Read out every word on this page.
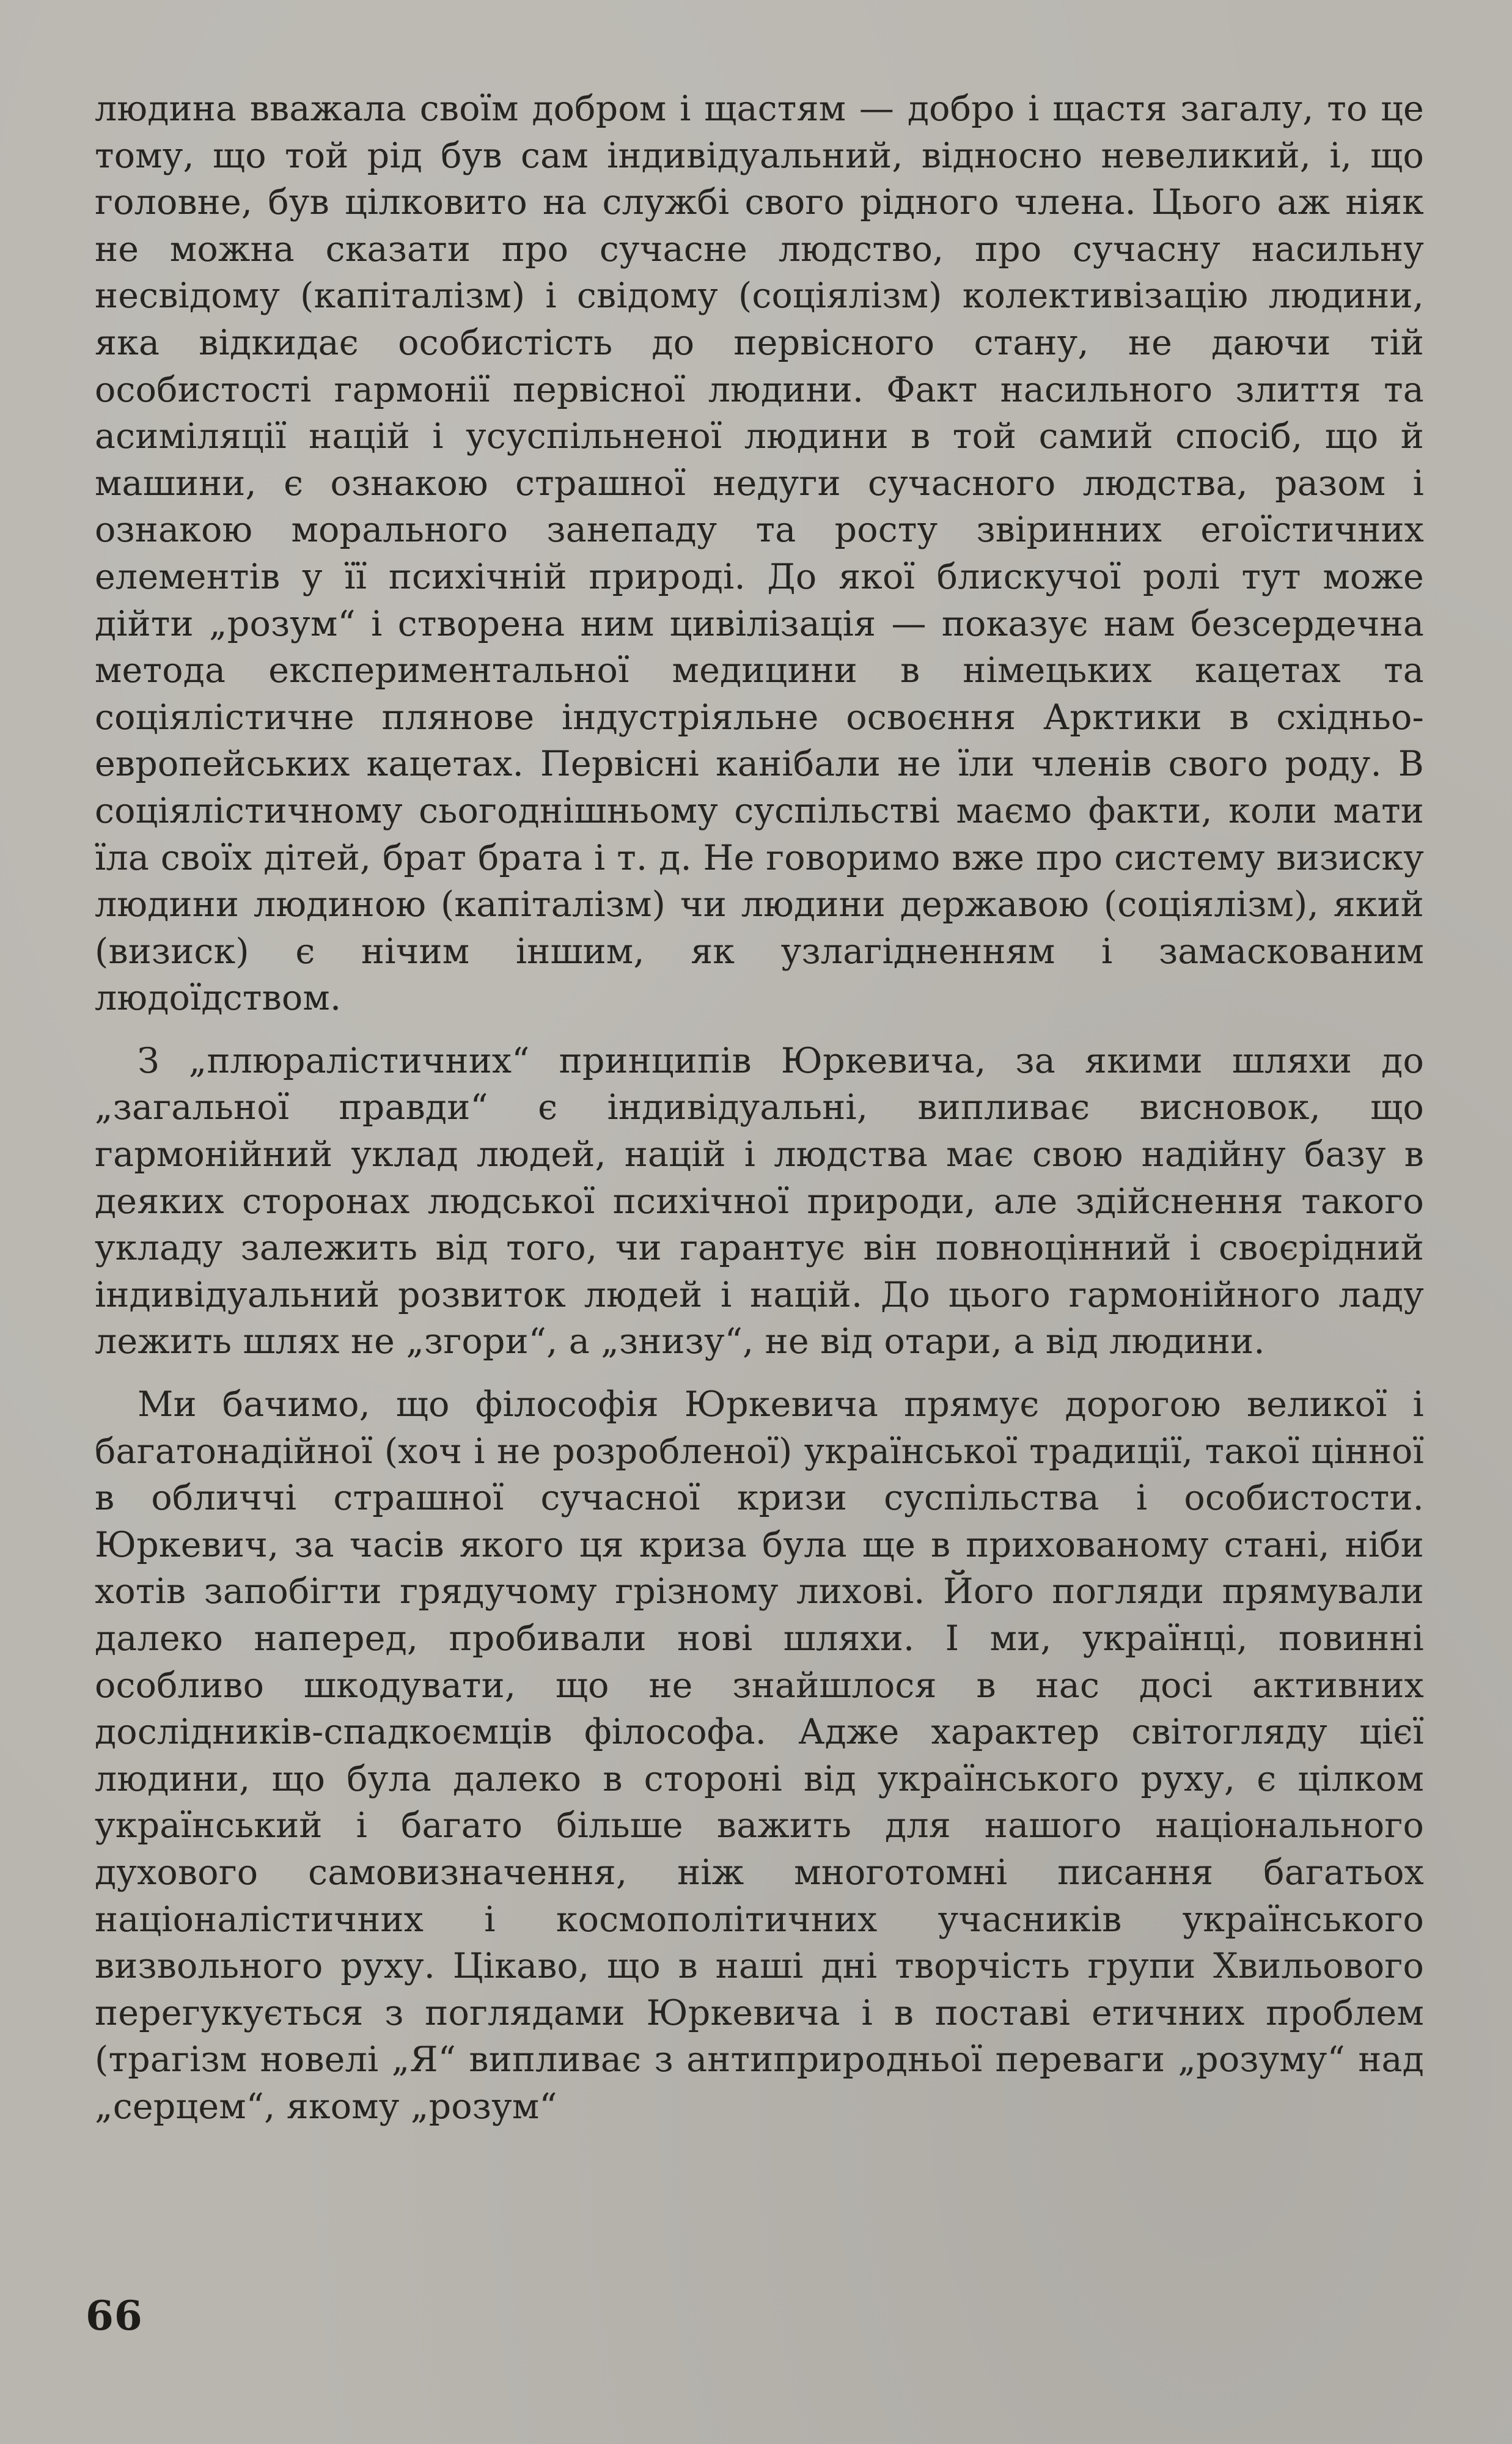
людина вважала своїм добром і щастям — добро і щастя загалу, то це тому, що той рід був сам індивідуальний, відносно невеликий, і, що головне, був цілковито на службі свого рідного члена. Цього аж ніяк не можна сказати про сучасне людство, про сучасну насильну несвідому (капіталізм) і свідому (соціялізм) колективізацію людини, яка відкидає особистість до первісного стану, не даючи тій особистості гармонії первісної людини. Факт насильного злиття та асиміляції націй і усуспільненої людини в той самий спосіб, що й машини, є ознакою страшної недуги сучасного людства, разом і ознакою морального занепаду та росту звіринних егоїстичних елементів у її психічній природі. До якої блискучої ролі тут може дійти „розум“ і створена ним цивілізація — показує нам безсердечна метода експериментальної медицини в німецьких кацетах та соціялістичне плянове індустріяльне освоєння Арктики в східньо-европейських кацетах. Первісні канібали не їли членів свого роду. В соціялістичному сьогоднішньому суспільстві маємо факти, коли мати їла своїх дітей, брат брата і т. д. Не говоримо вже про систему визиску людини людиною (капіталізм) чи людини державою (соціялізм), який (визиск) є нічим іншим, як узлагідненням і замаскованим людоїдством.

З „плюралістичних“ принципів Юркевича, за якими шляхи до „загальної правди“ є індивідуальні, випливає висновок, що гармонійний уклад людей, націй і людства має свою надійну базу в деяких сторонах людської психічної природи, але здійснення такого укладу залежить від того, чи гарантує він повноцінний і своєрідний індивідуальний розвиток людей і націй. До цього гармонійного ладу лежить шлях не „згори“, а „знизу“, не від отари, а від людини.

Ми бачимо, що філософія Юркевича прямує дорогою великої і багатонадійної (хоч і не розробленої) української традиції, такої цінної в обличчі страшної сучасної кризи суспільства і особистости. Юркевич, за часів якого ця криза була ще в прихованому стані, ніби хотів запобігти грядучому грізному лихові. Його погляди прямували далеко наперед, пробивали нові шляхи. І ми, українці, повинні особливо шкодувати, що не знайшлося в нас досі активних дослідників-спадкоємців філософа. Адже характер світогляду цієї людини, що була далеко в стороні від українського руху, є цілком український і багато більше важить для нашого національного духового самовизначення, ніж многотомні писання багатьох націоналістичних і космополітичних учасників українського визвольного руху. Цікаво, що в наші дні творчість групи Хвильового перегукується з поглядами Юркевича і в поставі етичних проблем (трагізм новелі „Я“ випливає з антиприродньої переваги „розуму“ над „серцем“, якому „розум“

66
